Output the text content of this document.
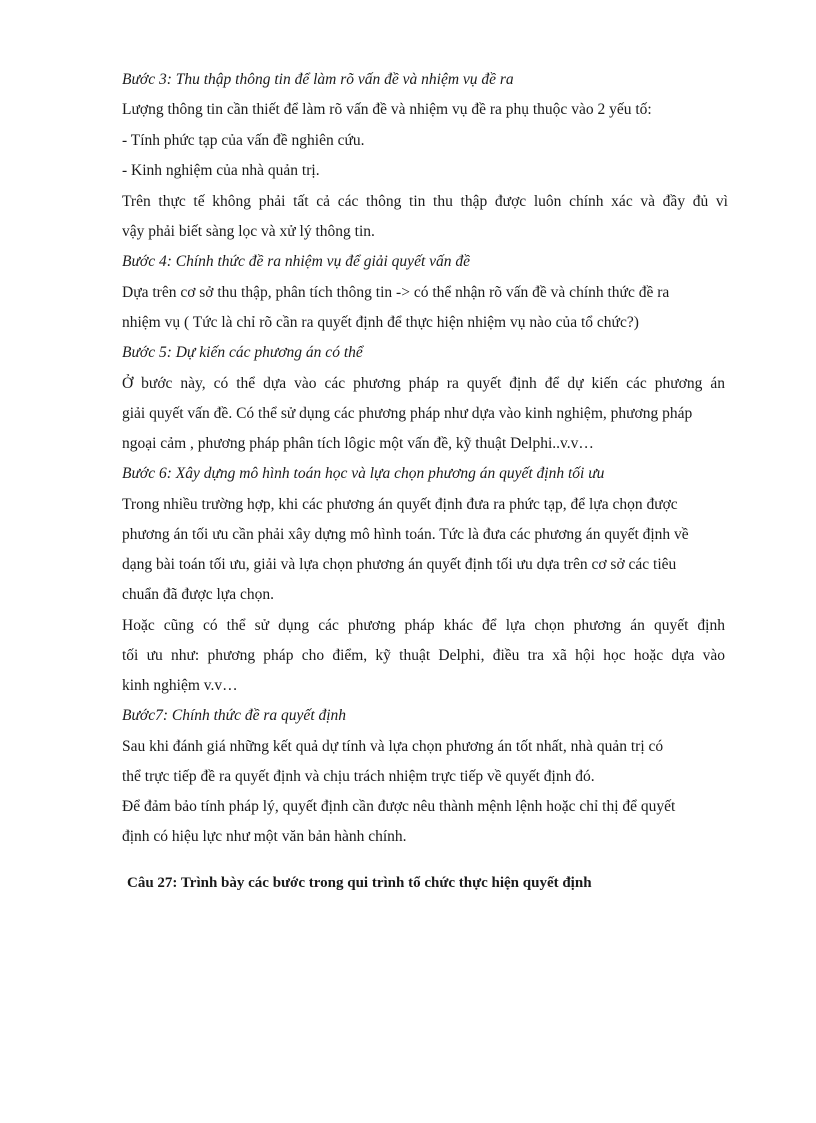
Bước 3: Thu thập thông tin để làm rõ vấn đề và nhiệm vụ đề ra
Lượng thông tin cần thiết để làm rõ vấn đề và nhiệm vụ đề ra phụ thuộc vào 2 yếu tố:
- Tính phức tạp của vấn đề nghiên cứu.
- Kinh nghiệm của nhà quản trị.
Trên thực tế không phải tất cả các thông tin thu thập được luôn chính xác và đầy đủ vì
vậy phải biết sàng lọc và xử lý thông tin.
Bước 4: Chính thức đề ra nhiệm vụ để giải quyết vấn đề
Dựa trên cơ sở thu thập, phân tích thông tin -> có thể nhận rõ vấn đề và chính thức đề ra
nhiệm vụ ( Tức là chỉ rõ cần ra quyết định để thực hiện nhiệm vụ nào của tổ chức?)
Bước 5: Dự kiến các phương án có thể
Ở bước này, có thể dựa vào các phương pháp ra quyết định để dự kiến các phương án
giải quyết vấn đề. Có thể sử dụng các phương pháp như dựa vào kinh nghiệm, phương pháp
ngoại cảm , phương pháp phân tích lôgic một vấn đề, kỹ thuật Delphi..v.v…
Bước 6: Xây dựng mô hình toán học và lựa chọn phương án quyết định tối ưu
Trong nhiều trường hợp, khi các phương án quyết định đưa ra phức tạp, để lựa chọn được
phương án tối ưu cần phải xây dựng mô hình toán. Tức là đưa các phương án quyết định về
dạng bài toán tối ưu, giải và lựa chọn phương án quyết định tối ưu dựa trên cơ sở các tiêu
chuẩn đã được lựa chọn.
Hoặc cũng có thể sử dụng các phương pháp khác để lựa chọn phương án quyết định
tối ưu như: phương pháp cho điểm, kỹ thuật Delphi, điều tra xã hội học hoặc dựa vào
kinh nghiệm v.v…
Bước7: Chính thức đề ra quyết định
Sau khi đánh giá những kết quả dự tính và lựa chọn phương án tốt nhất, nhà quản trị có
thể trực tiếp đề ra quyết định và chịu trách nhiệm trực tiếp về quyết định đó.
Để đảm bảo tính pháp lý, quyết định cần được nêu thành mệnh lệnh hoặc chỉ thị để quyết
định có hiệu lực như một văn bản hành chính.
Câu 27: Trình bày các bước trong qui trình tổ chức thực hiện quyết định
